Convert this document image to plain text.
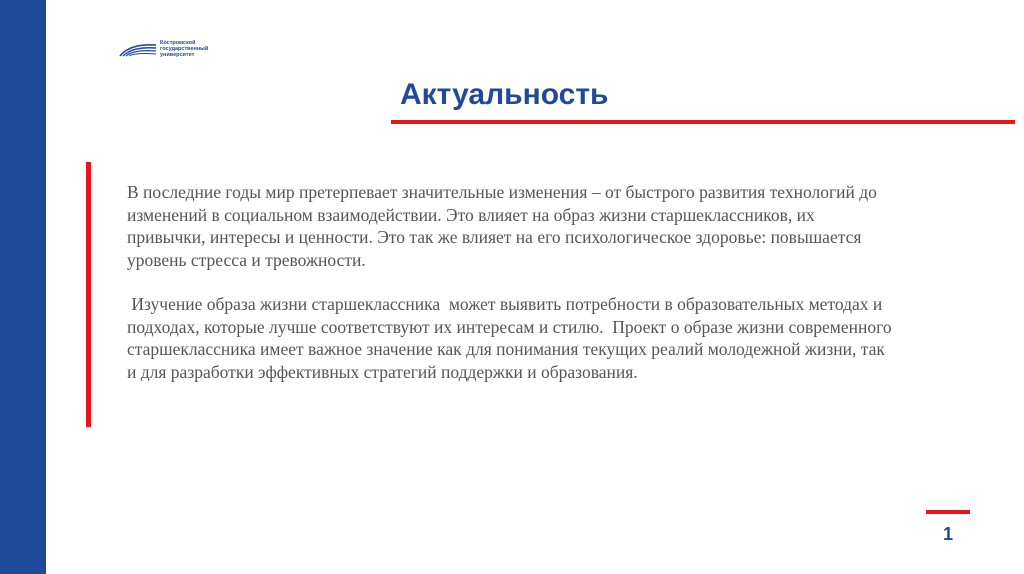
Костромской
государственный
университет
Актуальность

В последние годы мир претерпевает значительные изменения – от быстрого развития технологий до изменений в социальном взаимодействии. Это влияет на образ жизни старшеклассников, их привычки, интересы и ценности. Это так же влияет на его психологическое здоровье: повышается уровень стресса и тревожности.

Изучение образа жизни старшеклассника  может выявить потребности в образовательных методах и подходах, которые лучше соответствуют их интересам и стилю.  Проект о образе жизни современного старшеклассника имеет важное значение как для понимания текущих реалий молодежной жизни, так и для разработки эффективных стратегий поддержки и образования.

1
